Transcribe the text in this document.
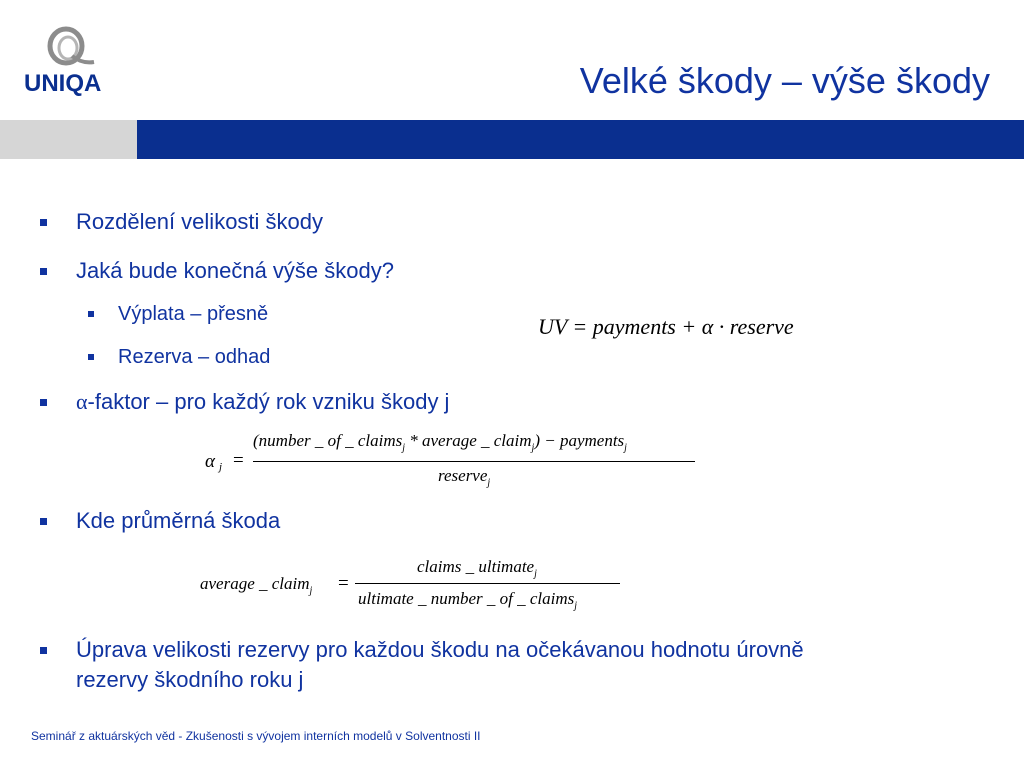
UNIQA	Velké škody – výše škody
Rozdělení velikosti škody
Jaká bude konečná výše škody?
Výplata – přesně
Rezerva – odhad
α-faktor – pro každý rok vzniku škody j
Kde průměrná škoda
Úprava velikosti rezervy pro každou škodu na očekávanou hodnotu úrovně
rezervy škodního roku j
UV = payments + α · reserve
α j =
(number _ of _ claims$_j$ * average _ claim$_j$) − payments$_j$
reserve$_j$
average _ claim$_j$ =
claims _ ultimate$_j$
ultimate _ number _ of _ claims$_j$
Seminář z aktuárských věd - Zkušenosti s vývojem interních modelů v Solventnosti II
